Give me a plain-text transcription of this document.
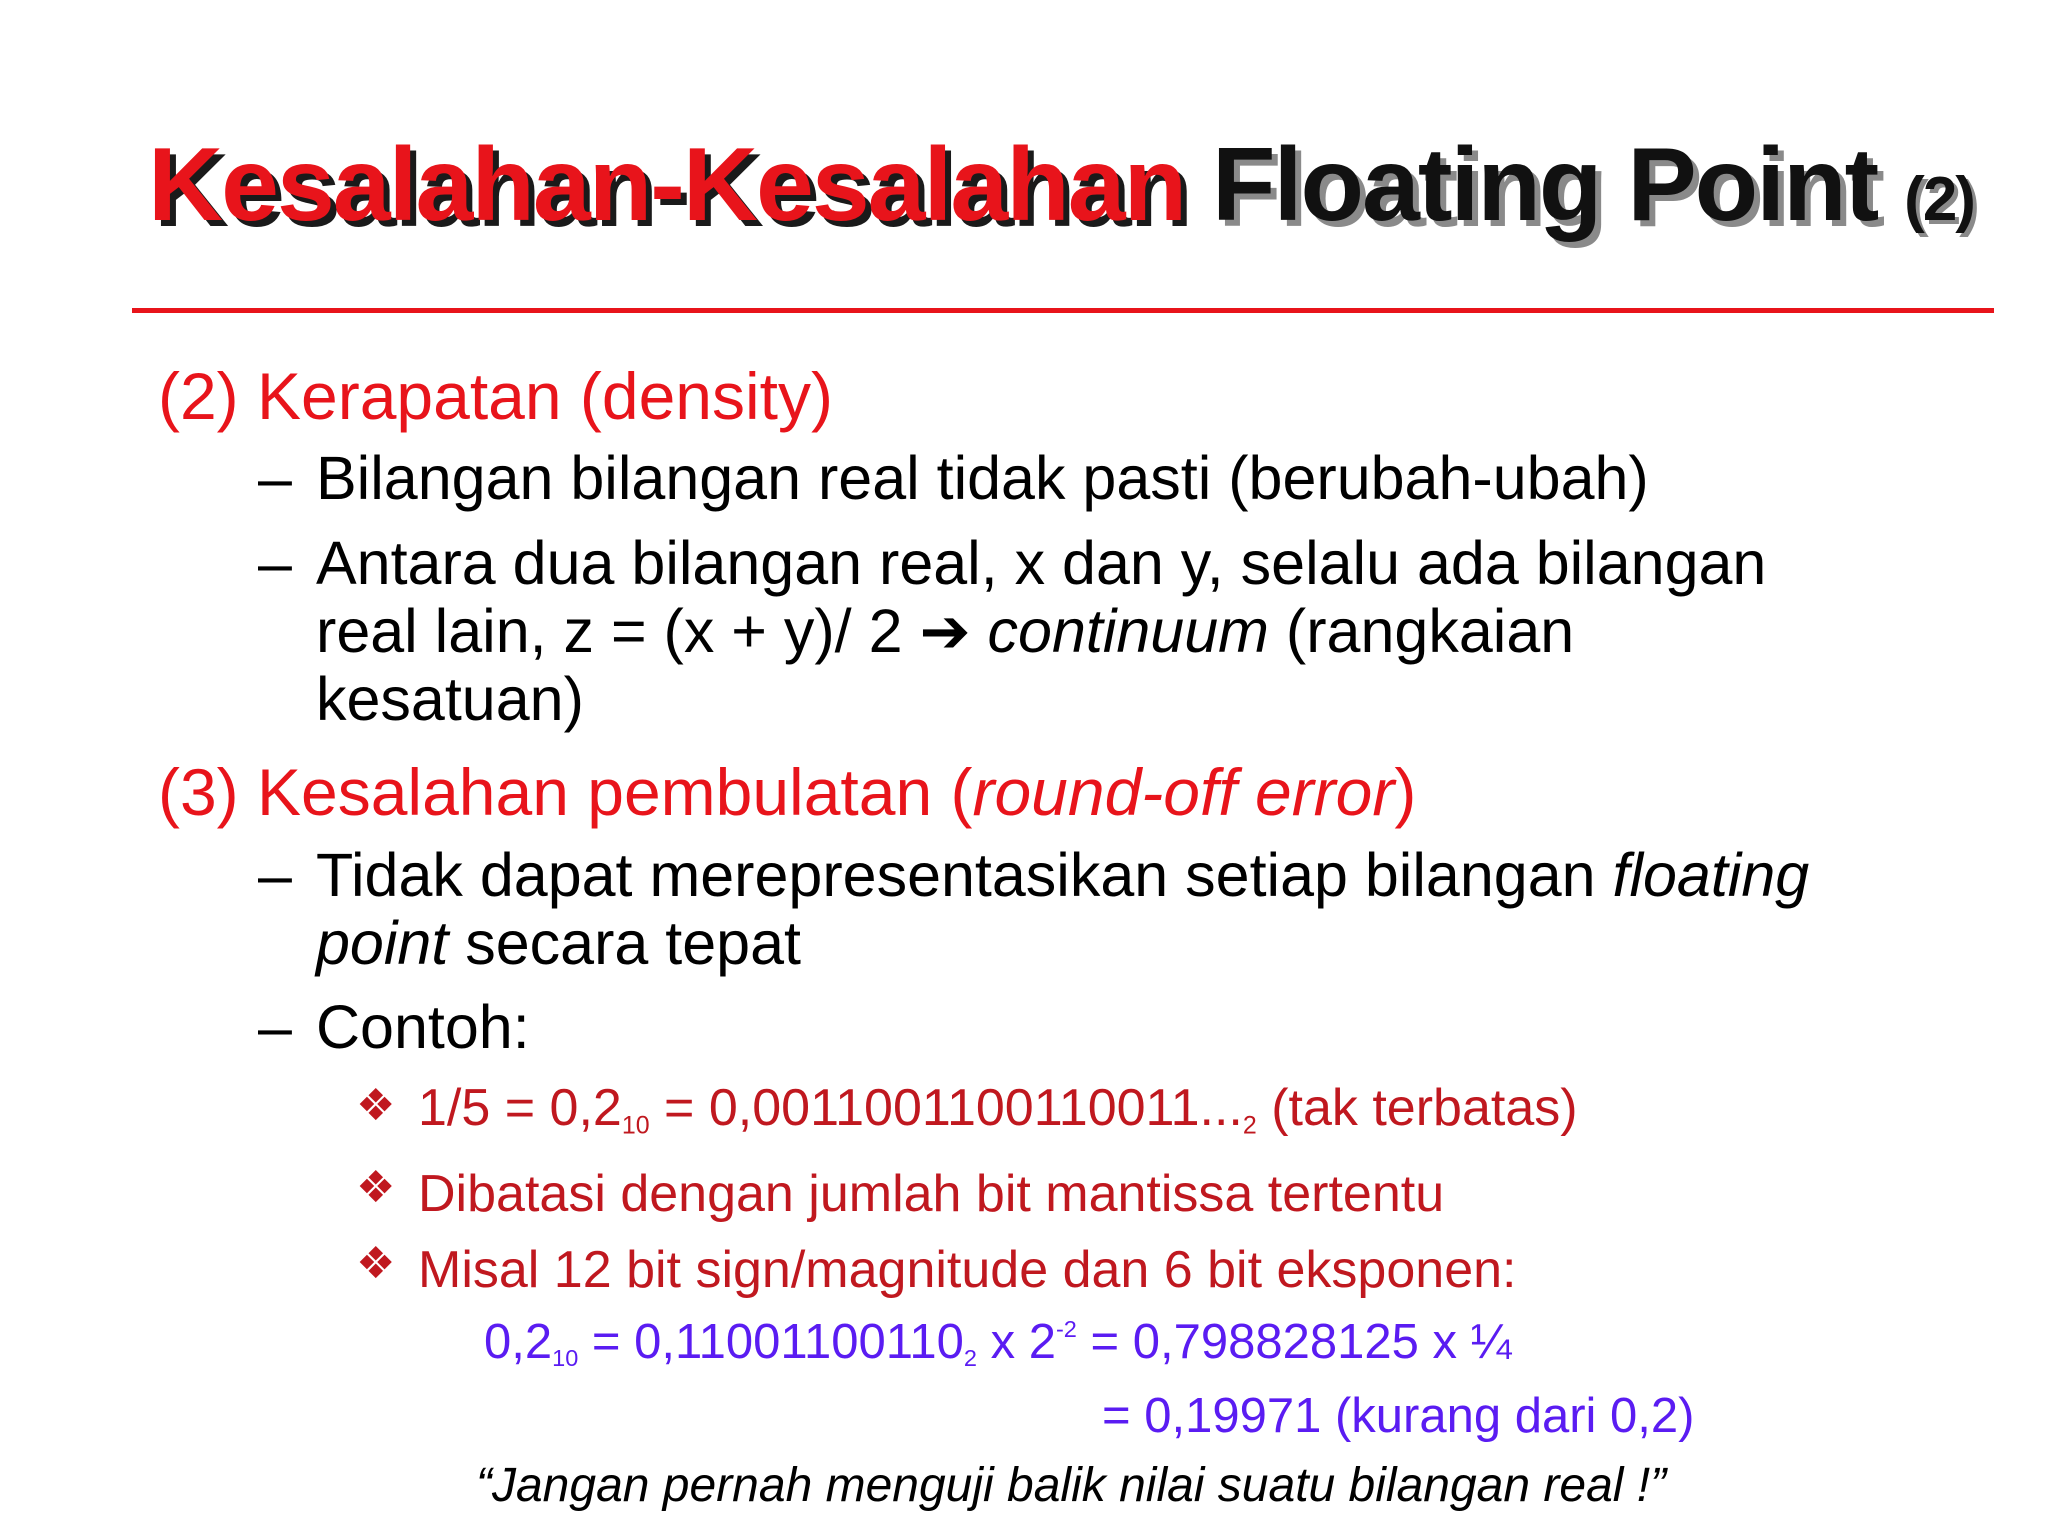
Kesalahan-Kesalahan Floating Point (2)

(2) Kerapatan (density)

– Bilangan bilangan real tidak pasti (berubah-ubah)

– Antara dua bilangan real, x dan y, selalu ada bilangan

real lain, z = (x + y)/ 2 ➔ continuum (rangkaian

kesatuan)

(3) Kesalahan pembulatan (round-off error)

– Tidak dapat merepresentasikan setiap bilangan floating

point secara tepat

– Contoh:

❖ $1/5 = 0,2_{10} = 0,0011001100110011..._2$ (tak terbatas)

❖ Dibatasi dengan jumlah bit mantissa tertentu

❖ Misal 12 bit sign/magnitude dan 6 bit eksponen:

$0,2_{10} = 0,11001100110_2$ x $2^{-2} = 0,798828125$ x ¼

= 0,19971 (kurang dari 0,2)

“Jangan pernah menguji balik nilai suatu bilangan real !”
